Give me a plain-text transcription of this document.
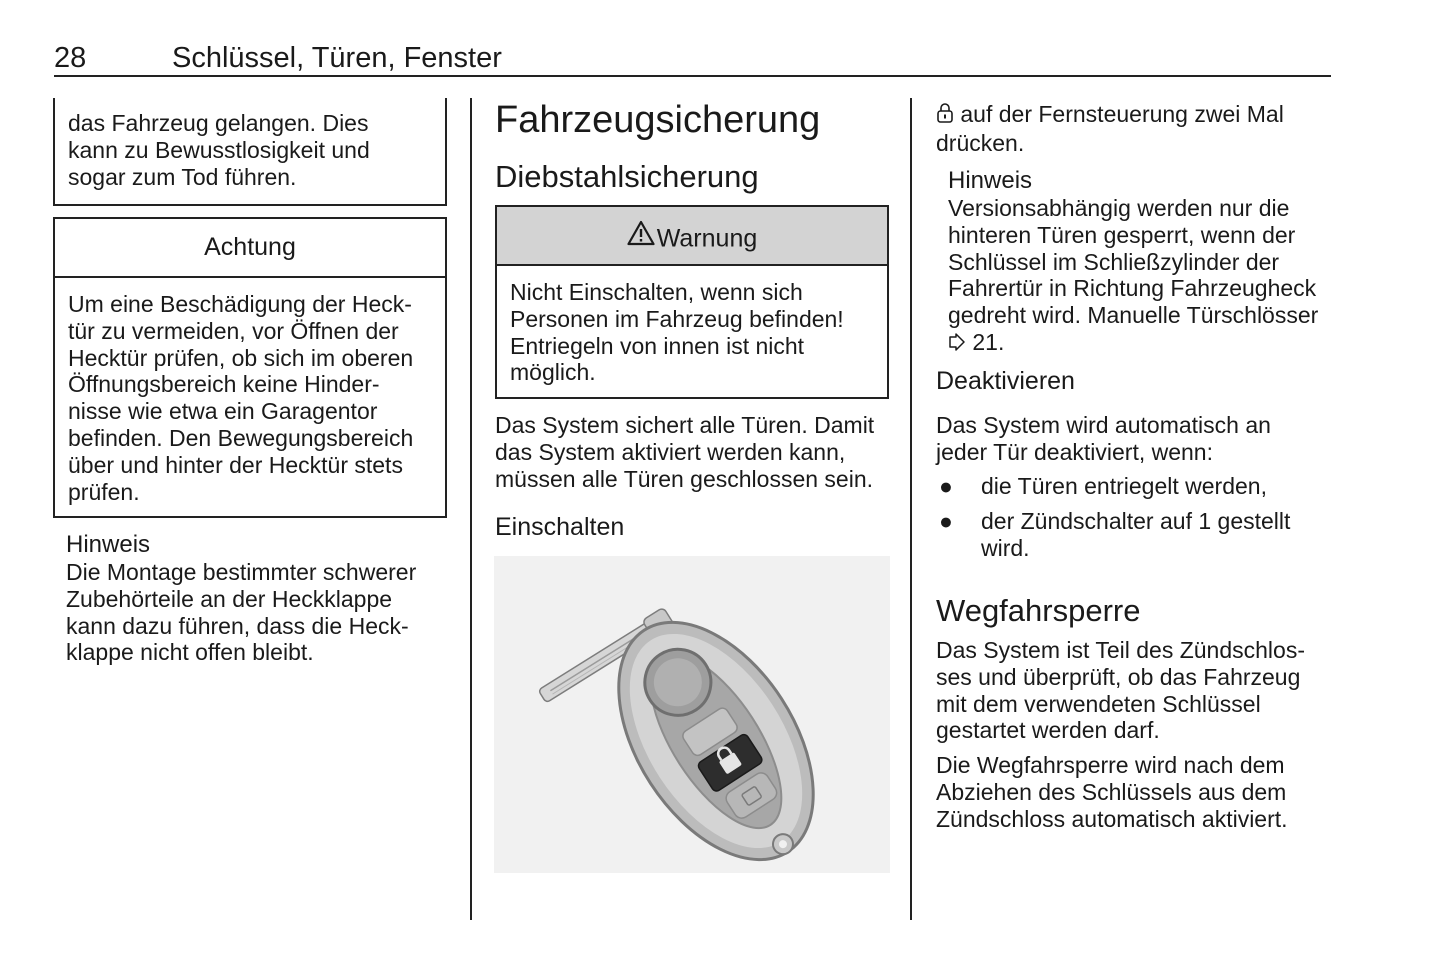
28	Schlüssel, Türen, Fenster

das Fahrzeug gelangen. Dies

kann zu Bewusstlosigkeit und

sogar zum Tod führen.

Achtung

Um eine Beschädigung der Heck-

tür zu vermeiden, vor Öffnen der

Hecktür prüfen, ob sich im oberen

Öffnungsbereich keine Hinder-

nisse wie etwa ein Garagentor

befinden. Den Bewegungsbereich

über und hinter der Hecktür stets

prüfen.

Hinweis

Die Montage bestimmter schwerer

Zubehörteile an der Heckklappe

kann dazu führen, dass die Heck-

klappe nicht offen bleibt.

Fahrzeugsicherung
Diebstahlsicherung
Warnung

Nicht Einschalten, wenn sich

Personen im Fahrzeug befinden!

Entriegeln von innen ist nicht

möglich.

Das System sichert alle Türen. Damit

das System aktiviert werden kann,

müssen alle Türen geschlossen sein.

Einschalten

auf der Fernsteuerung zwei Mal

drücken.

Hinweis

Versionsabhängig werden nur die

hinteren Türen gesperrt, wenn der

Schlüssel im Schließzylinder der

Fahrertür in Richtung Fahrzeugheck

gedreht wird. Manuelle Türschlösser

21.

Deaktivieren

Das System wird automatisch an

jeder Tür deaktiviert, wenn:

● die Türen entriegelt werden,

● der Zündschalter auf 1 gestellt

wird.

Wegfahrsperre

Das System ist Teil des Zündschlos-

ses und überprüft, ob das Fahrzeug

mit dem verwendeten Schlüssel

gestartet werden darf.

Die Wegfahrsperre wird nach dem

Abziehen des Schlüssels aus dem

Zündschloss automatisch aktiviert.
